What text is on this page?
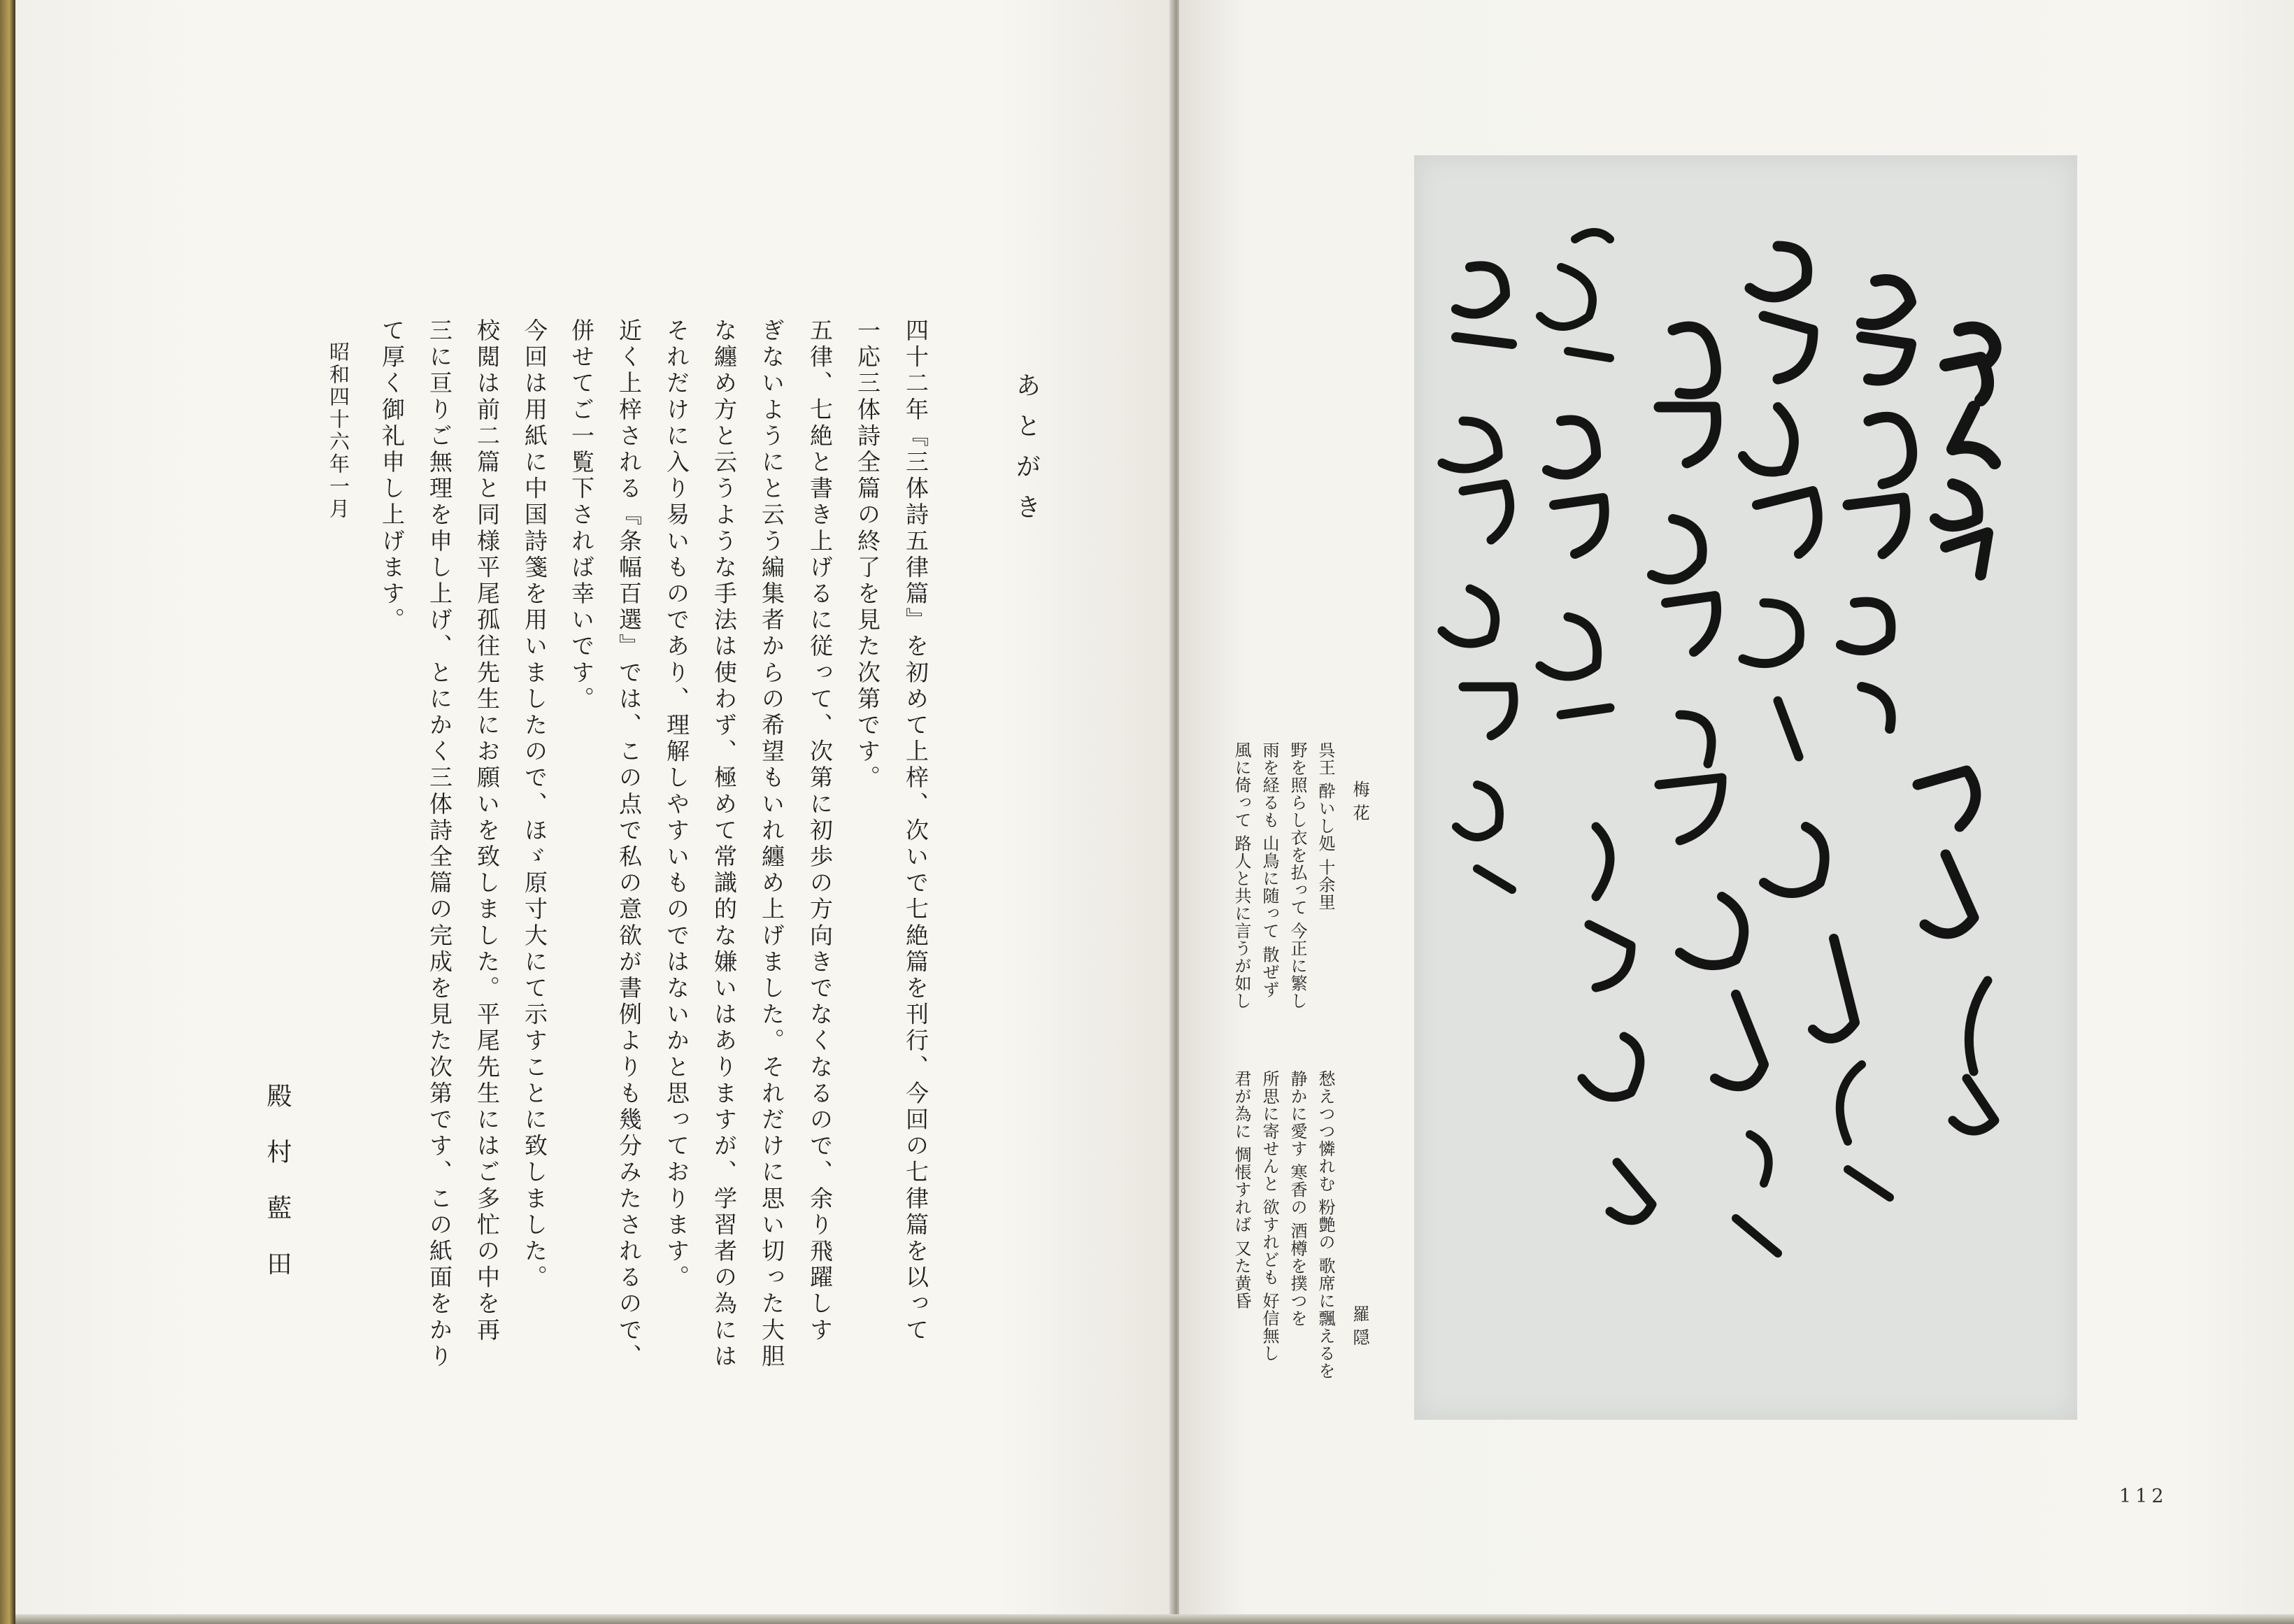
あとがき
四十二年『三体詩五律篇』を初めて上梓、次いで七絶篇を刊行、今回の七律篇を以って
一応三体詩全篇の終了を見た次第です。
五律、七絶と書き上げるに従って、次第に初歩の方向きでなくなるので、余り飛躍しす
ぎないようにと云う編集者からの希望もいれ纏め上げました。それだけに思い切った大胆
な纏め方と云うような手法は使わず、極めて常識的な嫌いはありますが、学習者の為には
それだけに入り易いものであり、理解しやすいものではないかと思っております。
近く上梓される『条幅百選』では、この点で私の意欲が書例よりも幾分みたされるので、
併せてご一覧下されば幸いです。
今回は用紙に中国詩箋を用いましたので、ほゞ原寸大にて示すことに致しました。
校閲は前二篇と同様平尾孤往先生にお願いを致しました。平尾先生にはご多忙の中を再
三に亘りご無理を申し上げ、とにかく三体詩全篇の完成を見た次第です、この紙面をかり
て厚く御礼申し上げます。
昭和四十六年一月
殿村藍田
梅 花
羅 隠
呉王 酔いし処 十余里
野を照らし衣を払って 今正に繁し
雨を経るも 山鳥に随って 散ぜず
風に倚って 路人と共に言うが如し
愁えつつ憐れむ 粉艶の 歌席に飄えるを
静かに愛す 寒香の 酒樽を撲つを
所思に寄せんと 欲すれども 好信無し
君が為に 惆悵すれば 又た黄昏
112
